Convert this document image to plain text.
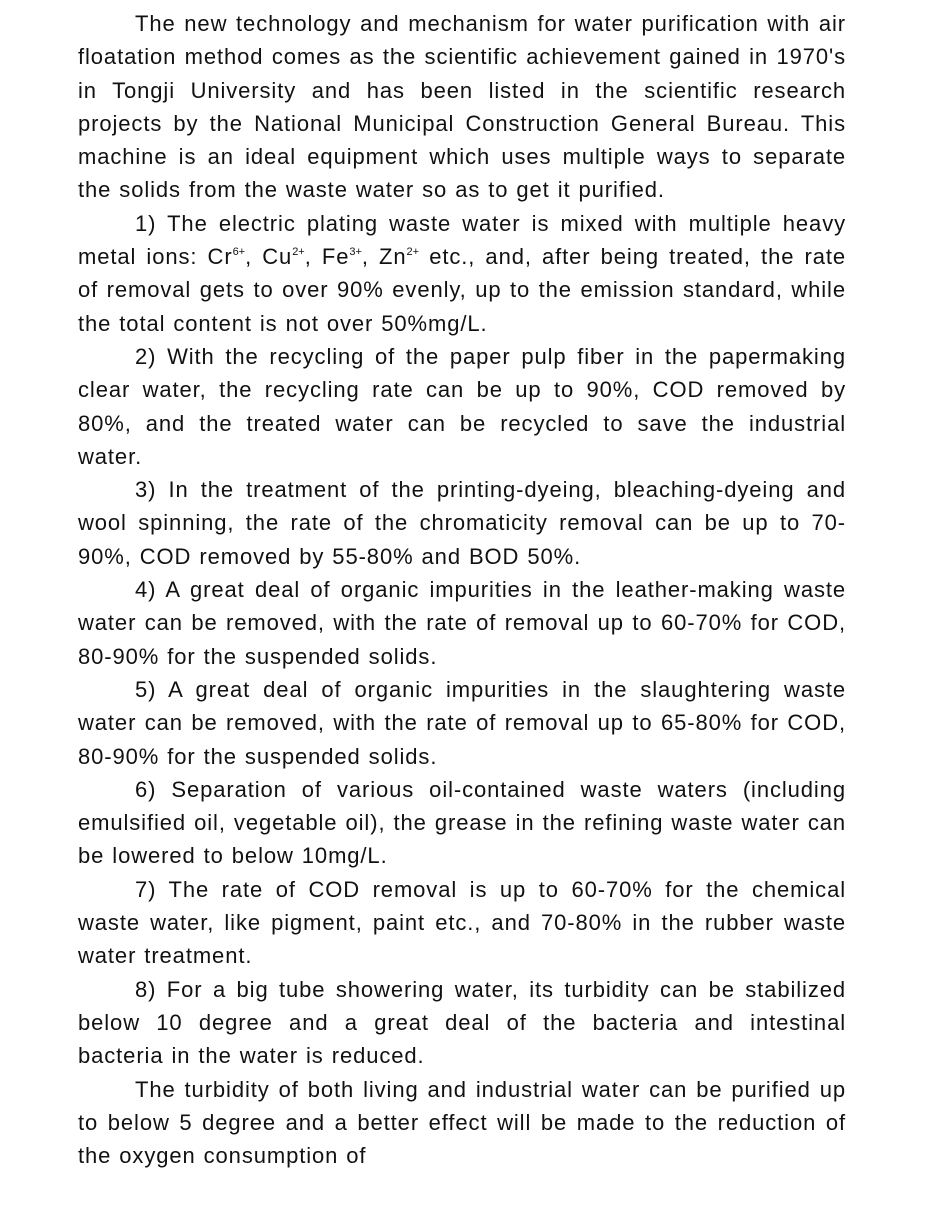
The new technology and mechanism for water purification with air floatation method comes as the scientific achievement gained in 1970's in Tongji University and has been listed in the scientific research projects by the National Municipal Construction General Bureau. This machine is an ideal equipment which uses multiple ways to separate the solids from the waste water so as to get it purified.

1) The electric plating waste water is mixed with multiple heavy metal ions: $Cr^{6+}$, $Cu^{2+}$, $Fe^{3+}$, $Zn^{2+}$ etc., and, after being treated, the rate of removal gets to over 90% evenly, up to the emission standard, while the total content is not over 50%mg/L.

2) With the recycling of the paper pulp fiber in the papermaking clear water, the recycling rate can be up to 90%, COD removed by 80%, and the treated water can be recycled to save the industrial water.

3) In the treatment of the printing-dyeing, bleaching-dyeing and wool spinning, the rate of the chromaticity removal can be up to 70-90%, COD removed by 55-80% and BOD 50%.

4) A great deal of organic impurities in the leather-making waste water can be removed, with the rate of removal up to 60-70% for COD, 80-90% for the suspended solids.

5) A great deal of organic impurities in the slaughtering waste water can be removed, with the rate of removal up to 65-80% for COD, 80-90% for the suspended solids.

6) Separation of various oil-contained waste waters (including emulsified oil, vegetable oil), the grease in the refining waste water can be lowered to below 10mg/L.

7) The rate of COD removal is up to 60-70% for the chemical waste water, like pigment, paint etc., and 70-80% in the rubber waste water treatment.

8) For a big tube showering water, its turbidity can be stabilized below 10 degree and a great deal of the bacteria and intestinal bacteria in the water is reduced.

The turbidity of both living and industrial water can be purified up to below 5 degree and a better effect will be made to the reduction of the oxygen consumption of
